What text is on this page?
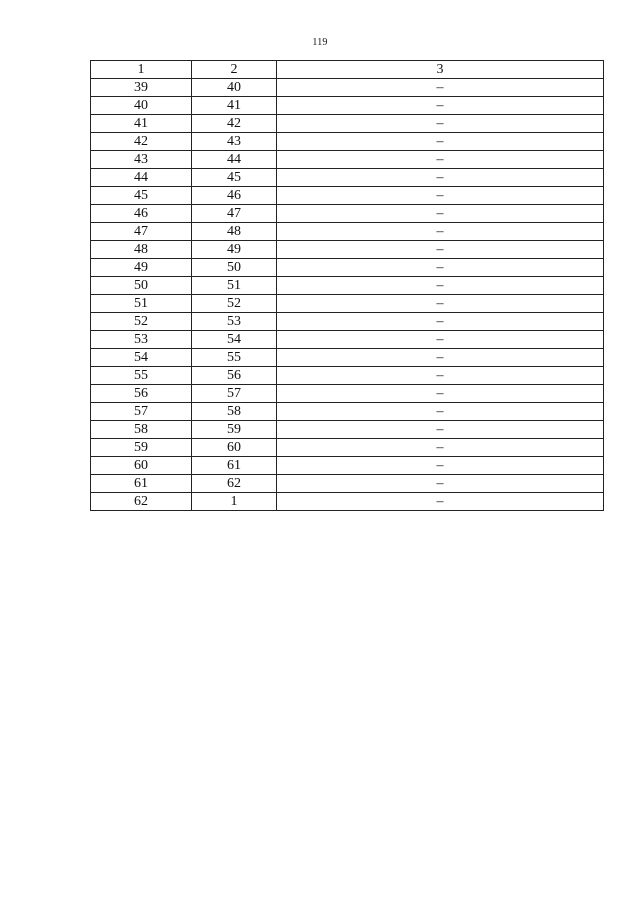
119
1	2	3
39	40	–
40	41	–
41	42	–
42	43	–
43	44	–
44	45	–
45	46	–
46	47	–
47	48	–
48	49	–
49	50	–
50	51	–
51	52	–
52	53	–
53	54	–
54	55	–
55	56	–
56	57	–
57	58	–
58	59	–
59	60	–
60	61	–
61	62	–
62	1	–
